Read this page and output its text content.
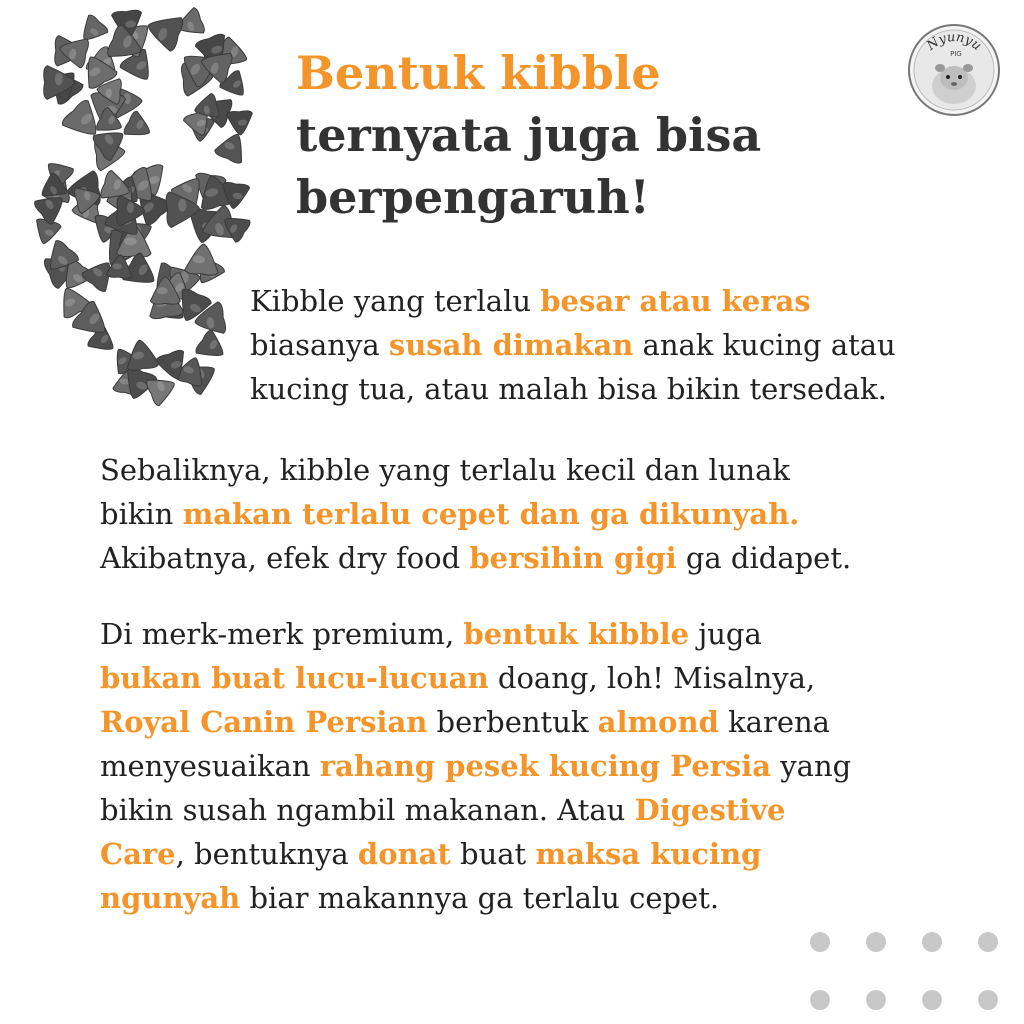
Nyunyu
PIG
Bentuk kibble
ternyata juga bisa
berpengaruh!

Kibble yang terlalu besar atau keras
biasanya susah dimakan anak kucing atau
kucing tua, atau malah bisa bikin tersedak.

Sebaliknya, kibble yang terlalu kecil dan lunak
bikin makan terlalu cepet dan ga dikunyah.
Akibatnya, efek dry food bersihin gigi ga didapet.

Di merk-merk premium, bentuk kibble juga
bukan buat lucu-lucuan doang, loh! Misalnya,
Royal Canin Persian berbentuk almond karena
menyesuaikan rahang pesek kucing Persia yang
bikin susah ngambil makanan. Atau Digestive
Care, bentuknya donat buat maksa kucing
ngunyah biar makannya ga terlalu cepet.
